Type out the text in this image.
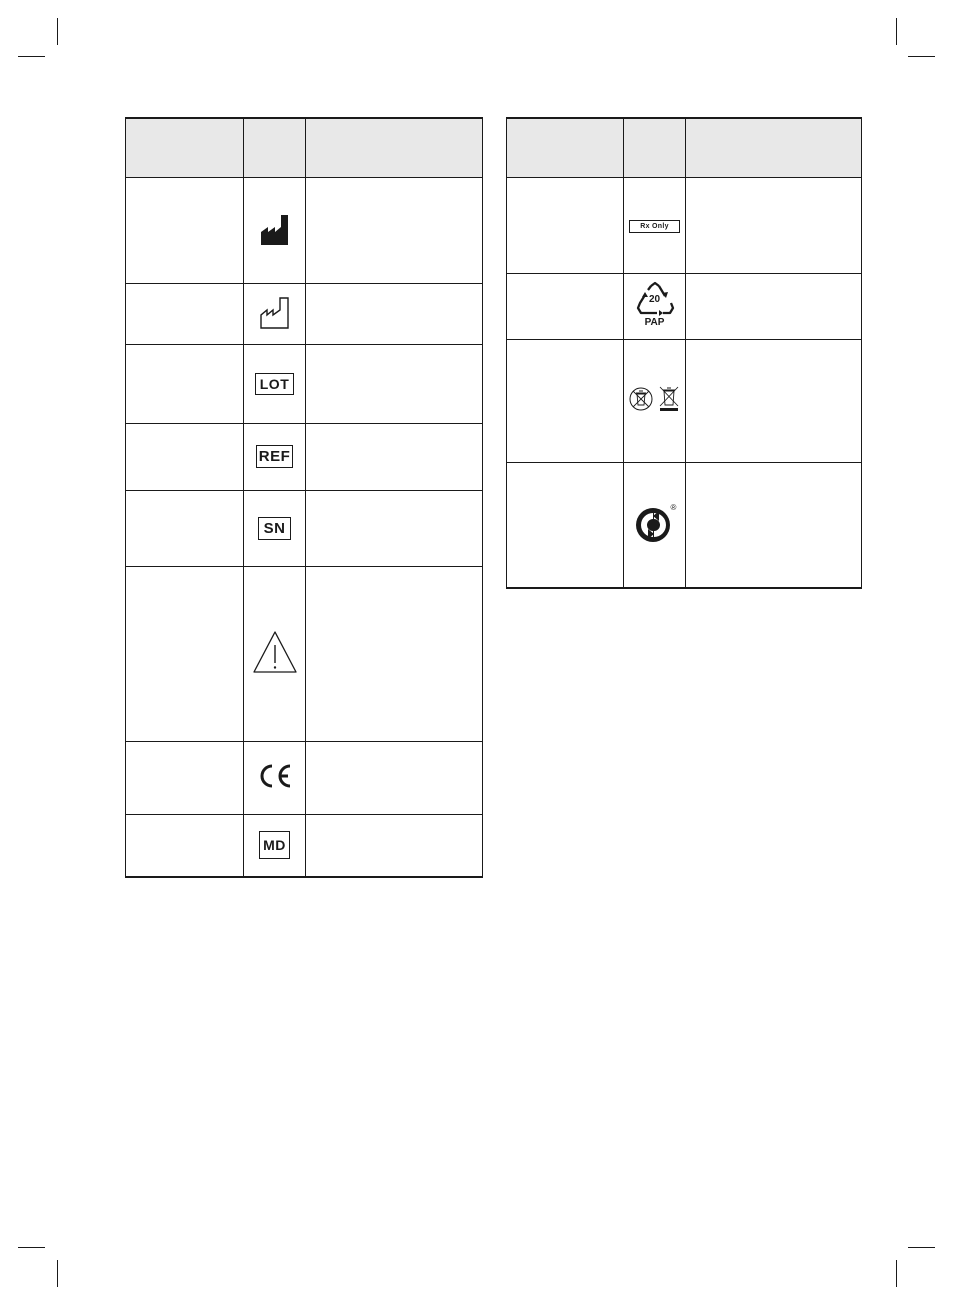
	LOT	
	REF	
	SN	

	MD	

	Rx Only	

	20
PAP	

	®	
